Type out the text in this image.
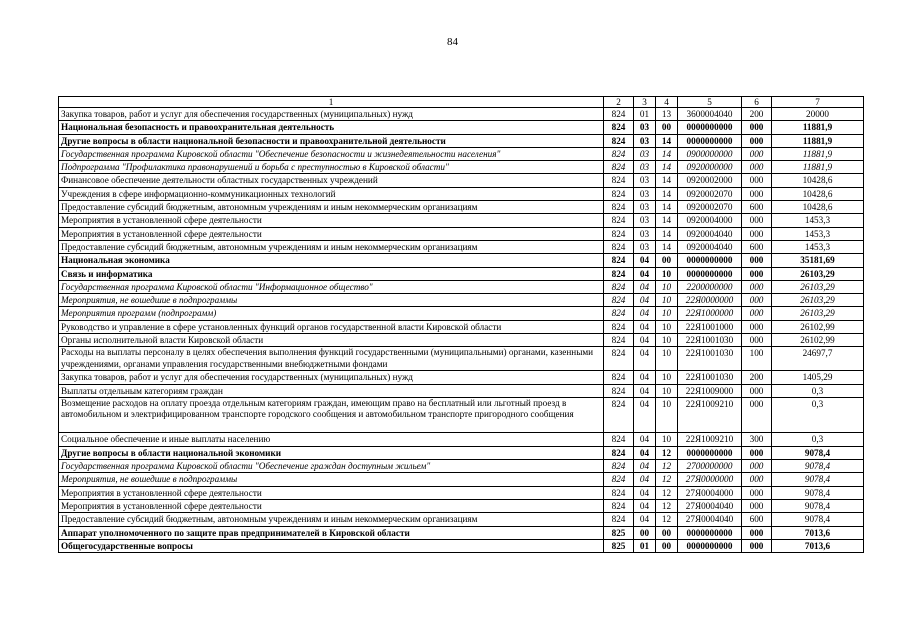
84
1	2	3	4	5	6	7
Закупка товаров, работ и услуг для обеспечения государственных (муниципальных) нужд	824	01	13	3600004040	200	20000
Национальная безопасность и правоохранительная деятельность	824	03	00	0000000000	000	11881,9
Другие вопросы в области национальной безопасности и правоохранительной деятельности	824	03	14	0000000000	000	11881,9
Государственная программа Кировской области "Обеспечение безопасности и жизнедеятельности населения"	824	03	14	0900000000	000	11881,9
Подпрограмма "Профилактика правонарушений и борьба с преступностью в Кировской области"	824	03	14	0920000000	000	11881,9
Финансовое обеспечение деятельности областных государственных учреждений	824	03	14	0920002000	000	10428,6
Учреждения в сфере информационно-коммуникационных технологий	824	03	14	0920002070	000	10428,6
Предоставление субсидий бюджетным, автономным учреждениям и иным некоммерческим организациям	824	03	14	0920002070	600	10428,6
Мероприятия в установленной сфере деятельности	824	03	14	0920004000	000	1453,3
Мероприятия в установленной сфере деятельности	824	03	14	0920004040	000	1453,3
Предоставление субсидий бюджетным, автономным учреждениям и иным некоммерческим организациям	824	03	14	0920004040	600	1453,3
Национальная экономика	824	04	00	0000000000	000	35181,69
Связь и информатика	824	04	10	0000000000	000	26103,29
Государственная программа Кировской области "Информационное общество"	824	04	10	2200000000	000	26103,29
Мероприятия, не вошедшие в подпрограммы	824	04	10	22Я0000000	000	26103,29
Мероприятия программ (подпрограмм)	824	04	10	22Я1000000	000	26103,29
Руководство и управление в сфере установленных функций органов государственной власти Кировской области	824	04	10	22Я1001000	000	26102,99
Органы исполнительной власти Кировской области	824	04	10	22Я1001030	000	26102,99
Расходы на выплаты персоналу в целях обеспечения выполнения функций государственными (муниципальными) органами, казенными учреждениями, органами управления государственными внебюджетными фондами	824	04	10	22Я1001030	100	24697,7
Закупка товаров, работ и услуг для обеспечения государственных (муниципальных) нужд	824	04	10	22Я1001030	200	1405,29
Выплаты отдельным категориям граждан	824	04	10	22Я1009000	000	0,3
Возмещение расходов на оплату проезда отдельным категориям граждан, имеющим право на бесплатный или льготный проезд в автомобильном и электрифицированном транспорте городского сообщения и автомобильном транспорте пригородного сообщения	824	04	10	22Я1009210	000	0,3
Социальное обеспечение и иные выплаты населению	824	04	10	22Я1009210	300	0,3
Другие вопросы в области национальной экономики	824	04	12	0000000000	000	9078,4
Государственная программа Кировской области "Обеспечение граждан доступным жильем"	824	04	12	2700000000	000	9078,4
Мероприятия, не вошедшие в подпрограммы	824	04	12	27Я0000000	000	9078,4
Мероприятия в установленной сфере деятельности	824	04	12	27Я0004000	000	9078,4
Мероприятия в установленной сфере деятельности	824	04	12	27Я0004040	000	9078,4
Предоставление субсидий бюджетным, автономным учреждениям и иным некоммерческим организациям	824	04	12	27Я0004040	600	9078,4
Аппарат уполномоченного по защите прав предпринимателей в Кировской области	825	00	00	0000000000	000	7013,6
Общегосударственные вопросы	825	01	00	0000000000	000	7013,6
